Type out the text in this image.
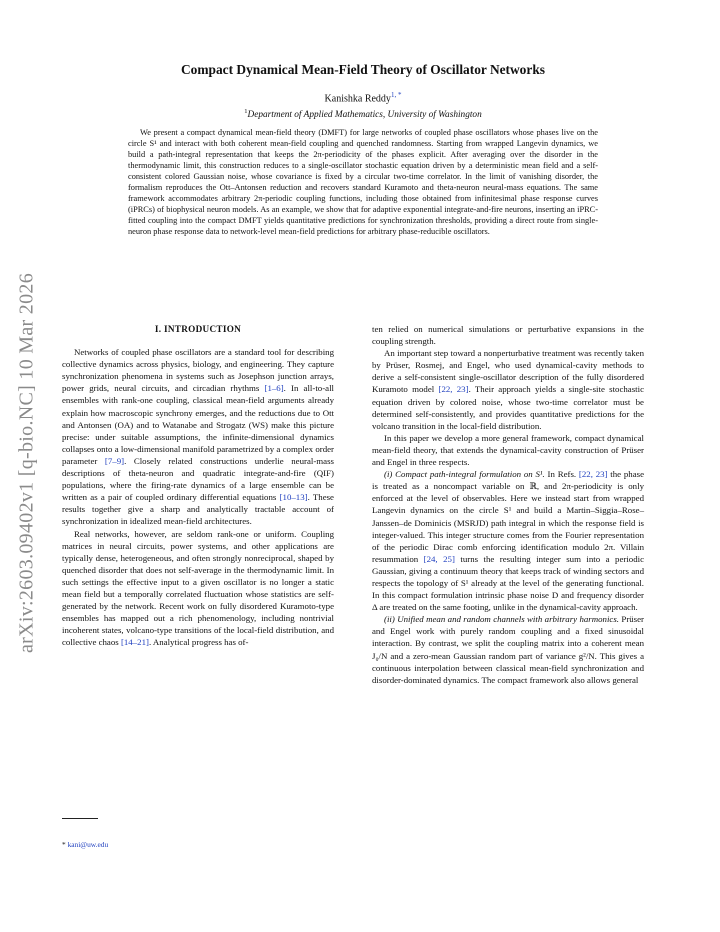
arXiv:2603.09402v1 [q-bio.NC] 10 Mar 2026
Compact Dynamical Mean-Field Theory of Oscillator Networks
Kanishka Reddy$^{1, *}$
$^1$Department of Applied Mathematics, University of Washington

We present a compact dynamical mean-field theory (DMFT) for large networks of coupled phase oscillators whose phases live on the circle S¹ and interact with both coherent mean-field coupling and quenched randomness. Starting from wrapped Langevin dynamics, we build a path-integral representation that keeps the 2π-periodicity of the phases explicit. After averaging over the disorder in the thermodynamic limit, this construction reduces to a single-oscillator stochastic equation driven by a deterministic mean field and a self-consistent colored Gaussian noise, whose covariance is fixed by a circular two-time correlator. In the limit of vanishing disorder, the formalism reproduces the Ott–Antonsen reduction and recovers standard Kuramoto and theta-neuron neural-mass equations. The same framework accommodates arbitrary 2π-periodic coupling functions, including those obtained from infinitesimal phase response curves (iPRCs) of biophysical neuron models. As an example, we show that for adaptive exponential integrate-and-fire neurons, inserting an iPRC-fitted coupling into the compact DMFT yields quantitative predictions for synchronization thresholds, providing a direct route from single-neuron phase response data to network-level mean-field predictions for arbitrary phase-reducible oscillators.

I. INTRODUCTION

Networks of coupled phase oscillators are a standard tool for describing collective dynamics across physics, biology, and engineering. They capture synchronization phenomena in systems such as Josephson junction arrays, power grids, neural circuits, and circadian rhythms [1–6]. In all-to-all ensembles with rank-one coupling, classical mean-field arguments already explain how macroscopic synchrony emerges, and the reductions due to Ott and Antonsen (OA) and to Watanabe and Strogatz (WS) make this picture precise: under suitable assumptions, the infinite-dimensional dynamics collapses onto a low-dimensional manifold parametrized by a complex order parameter [7–9]. Closely related constructions underlie neural-mass descriptions of theta-neuron and quadratic integrate-and-fire (QIF) populations, where the firing-rate dynamics of a large ensemble can be written as a pair of coupled ordinary differential equations [10–13]. These results together give a sharp and analytically tractable account of synchronization in idealized mean-field architectures.

Real networks, however, are seldom rank-one or uniform. Coupling matrices in neural circuits, power systems, and other applications are typically dense, heterogeneous, and often strongly nonreciprocal, shaped by quenched disorder that does not self-average in the thermodynamic limit. In such settings the effective input to a given oscillator is no longer a static mean field but a temporally correlated fluctuation whose statistics are self-generated by the network. Recent work on fully disordered Kuramoto-type ensembles has mapped out a rich phenomenology, including nontrivial incoherent states, volcano-type transitions of the local-field distribution, and collective chaos [14–21]. Analytical progress has of-

ten relied on numerical simulations or perturbative expansions in the coupling strength.

An important step toward a nonperturbative treatment was recently taken by Prüser, Rosmej, and Engel, who used dynamical-cavity methods to derive a self-consistent single-oscillator description of the fully disordered Kuramoto model [22, 23]. Their approach yields a single-site stochastic equation driven by colored noise, whose two-time correlator must be determined self-consistently, and provides quantitative predictions for the volcano transition in the local-field distribution.

In this paper we develop a more general framework, compact dynamical mean-field theory, that extends the dynamical-cavity construction of Prüser and Engel in three respects.

(i) Compact path-integral formulation on S¹. In Refs. [22, 23] the phase is treated as a noncompact variable on ℝ, and 2π-periodicity is only enforced at the level of observables. Here we instead start from wrapped Langevin dynamics on the circle S¹ and build a Martin–Siggia–Rose–Janssen–de Dominicis (MSRJD) path integral in which the response field is integer-valued. This integer structure comes from the Fourier representation of the periodic Dirac comb enforcing identification modulo 2π. Villain resummation [24, 25] turns the resulting integer sum into a periodic Gaussian, giving a continuum theory that keeps track of winding sectors and respects the topology of S¹ already at the level of the generating functional. In this compact formulation intrinsic phase noise D and frequency disorder Δ are treated on the same footing, unlike in the dynamical-cavity approach.

(ii) Unified mean and random channels with arbitrary harmonics. Prüser and Engel work with purely random coupling and a fixed sinusoidal interaction. By contrast, we split the coupling matrix into a coherent mean J₀/N and a zero-mean Gaussian random part of variance g²/N. This gives a continuous interpolation between classical mean-field synchronization and disorder-dominated dynamics. The compact framework also allows general

* kani@uw.edu
